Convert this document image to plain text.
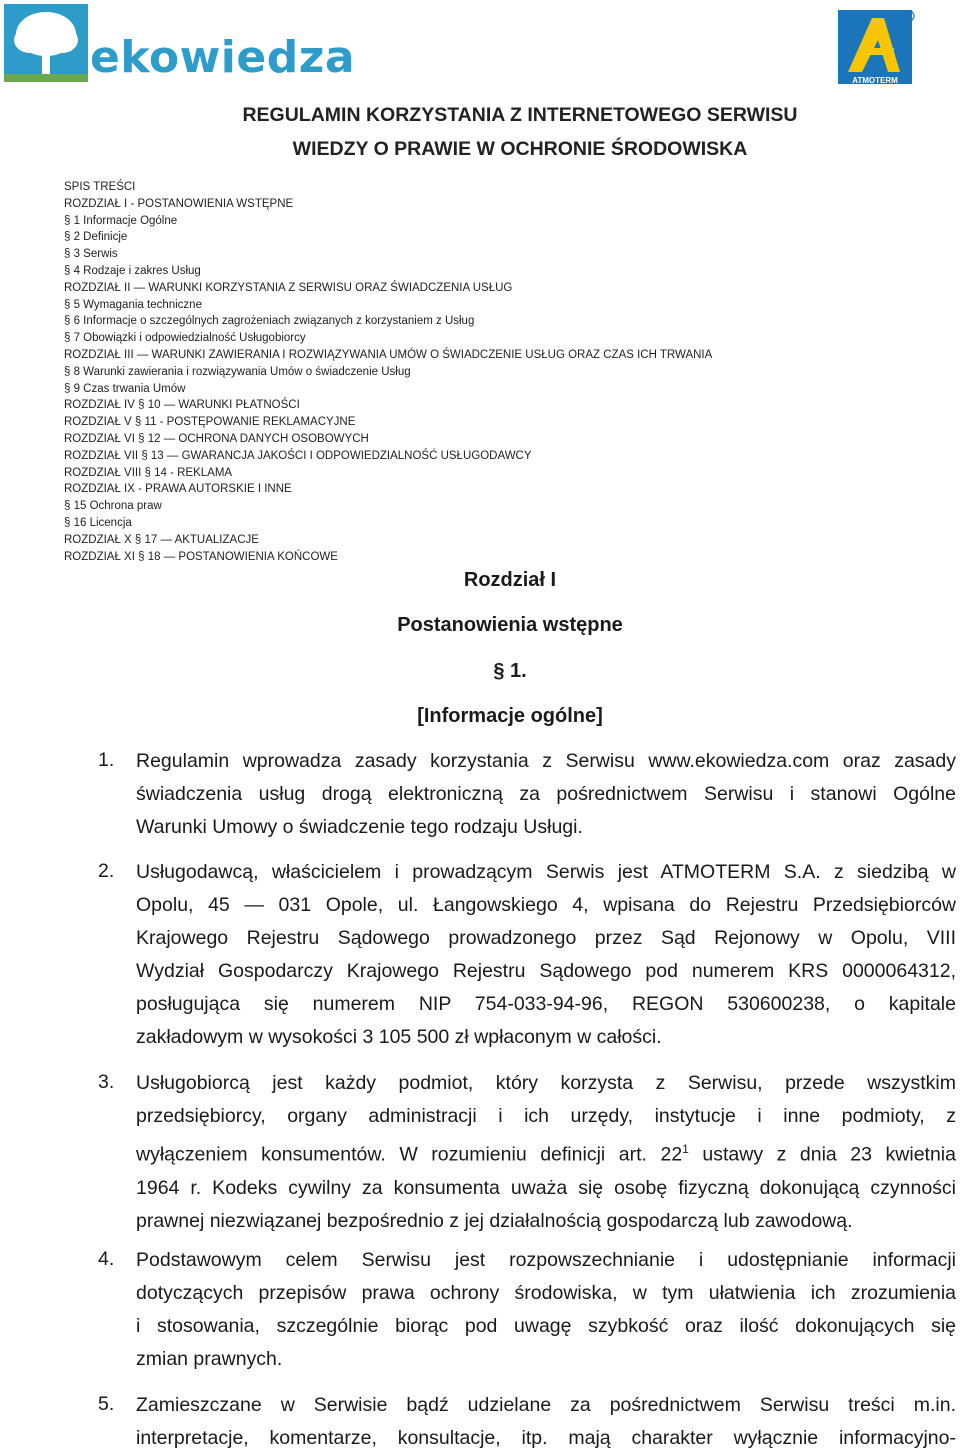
ekowiedza	ATMOTERM
REGULAMIN KORZYSTANIA Z INTERNETOWEGO SERWISU
WIEDZY O PRAWIE W OCHRONIE ŚRODOWISKA
SPIS TREŚCI
ROZDZIAŁ I - POSTANOWIENIA WSTĘPNE
§ 1 Informacje Ogólne
§ 2 Definicje
§ 3 Serwis
§ 4 Rodzaje i zakres Usług
ROZDZIAŁ II — WARUNKI KORZYSTANIA Z SERWISU ORAZ ŚWIADCZENIA USŁUG
§ 5 Wymagania techniczne
§ 6 Informacje o szczególnych zagrożeniach związanych z korzystaniem z Usług
§ 7 Obowiązki i odpowiedzialność Usługobiorcy
ROZDZIAŁ III — WARUNKI ZAWIERANIA I ROZWIĄZYWANIA UMÓW O ŚWIADCZENIE USŁUG ORAZ CZAS ICH TRWANIA
§ 8 Warunki zawierania i rozwiązywania Umów o świadczenie Usług
§ 9 Czas trwania Umów
ROZDZIAŁ IV § 10 — WARUNKI PŁATNOŚCI
ROZDZIAŁ V § 11 - POSTĘPOWANIE REKLAMACYJNE
ROZDZIAŁ VI § 12 — OCHRONA DANYCH OSOBOWYCH
ROZDZIAŁ VII § 13 — GWARANCJA JAKOŚCI I ODPOWIEDZIALNOŚĆ USŁUGODAWCY
ROZDZIAŁ VIII § 14 - REKLAMA
ROZDZIAŁ IX - PRAWA AUTORSKIE I INNE
§ 15 Ochrona praw
§ 16 Licencja
ROZDZIAŁ X § 17 — AKTUALIZACJE
ROZDZIAŁ XI § 18 — POSTANOWIENIA KOŃCOWE
Rozdział I
Postanowienia wstępne
§ 1.
[Informacje ogólne]
1. Regulamin wprowadza zasady korzystania z Serwisu www.ekowiedza.com oraz zasady
świadczenia usług drogą elektroniczną za pośrednictwem Serwisu i stanowi Ogólne
Warunki Umowy o świadczenie tego rodzaju Usługi.
2. Usługodawcą, właścicielem i prowadzącym Serwis jest ATMOTERM S.A. z siedzibą w
Opolu, 45 — 031 Opole, ul. Łangowskiego 4, wpisana do Rejestru Przedsiębiorców
Krajowego Rejestru Sądowego prowadzonego przez Sąd Rejonowy w Opolu, VIII
Wydział Gospodarczy Krajowego Rejestru Sądowego pod numerem KRS 0000064312,
posługująca się numerem NIP 754-033-94-96, REGON 530600238, o kapitale
zakładowym w wysokości 3 105 500 zł wpłaconym w całości.
3. Usługobiorcą jest każdy podmiot, który korzysta z Serwisu, przede wszystkim
przedsiębiorcy, organy administracji i ich urzędy, instytucje i inne podmioty, z
wyłączeniem konsumentów. W rozumieniu definicji art. $22^1$ ustawy z dnia 23 kwietnia
1964 r. Kodeks cywilny za konsumenta uważa się osobę fizyczną dokonującą czynności
prawnej niezwiązanej bezpośrednio z jej działalnością gospodarczą lub zawodową.
4. Podstawowym celem Serwisu jest rozpowszechnianie i udostępnianie informacji
dotyczących przepisów prawa ochrony środowiska, w tym ułatwienia ich zrozumienia
i stosowania, szczególnie biorąc pod uwagę szybkość oraz ilość dokonujących się
zmian prawnych.
5. Zamieszczane w Serwisie bądź udzielane za pośrednictwem Serwisu treści m.in.
interpretacje, komentarze, konsultacje, itp. mają charakter wyłącznie informacyjno-
